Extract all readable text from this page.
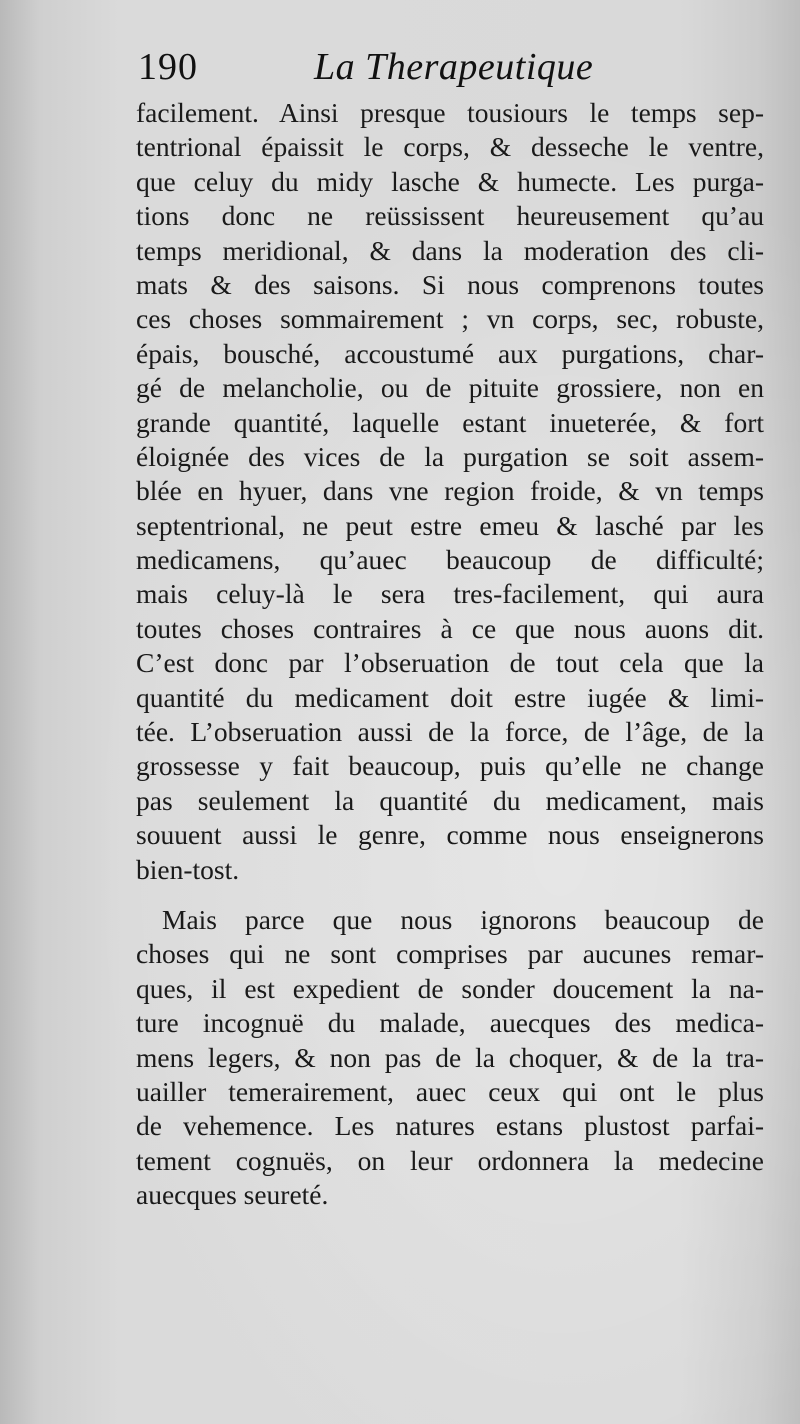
190	La Therapeutique
facilement. Ainsi presque tousiours le temps sep-
tentrional épaissit le corps, & desseche le ventre,
que celuy du midy lasche & humecte. Les purga-
tions donc ne reüssissent heureusement qu’au
temps meridional, & dans la moderation des cli-
mats & des saisons. Si nous comprenons toutes
ces choses sommairement ; vn corps, sec, robuste,
épais, bousché, accoustumé aux purgations, char-
gé de melancholie, ou de pituite grossiere, non en
grande quantité, laquelle estant inueterée, & fort
éloignée des vices de la purgation se soit assem-
blée en hyuer, dans vne region froide, & vn temps
septentrional, ne peut estre emeu & lasché par les
medicamens, qu’auec beaucoup de difficulté;
mais celuy-là le sera tres-facilement, qui aura
toutes choses contraires à ce que nous auons dit.
C’est donc par l’obseruation de tout cela que la
quantité du medicament doit estre iugée & limi-
tée. L’obseruation aussi de la force, de l’âge, de la
grossesse y fait beaucoup, puis qu’elle ne change
pas seulement la quantité du medicament, mais
souuent aussi le genre, comme nous enseignerons
bien-tost.
Mais parce que nous ignorons beaucoup de
choses qui ne sont comprises par aucunes remar-
ques, il est expedient de sonder doucement la na-
ture incognuë du malade, auecques des medica-
mens legers, & non pas de la choquer, & de la tra-
uailler temerairement, auec ceux qui ont le plus
de vehemence. Les natures estans plustost parfai-
tement cognuës, on leur ordonnera la medecine
auecques seureté.
